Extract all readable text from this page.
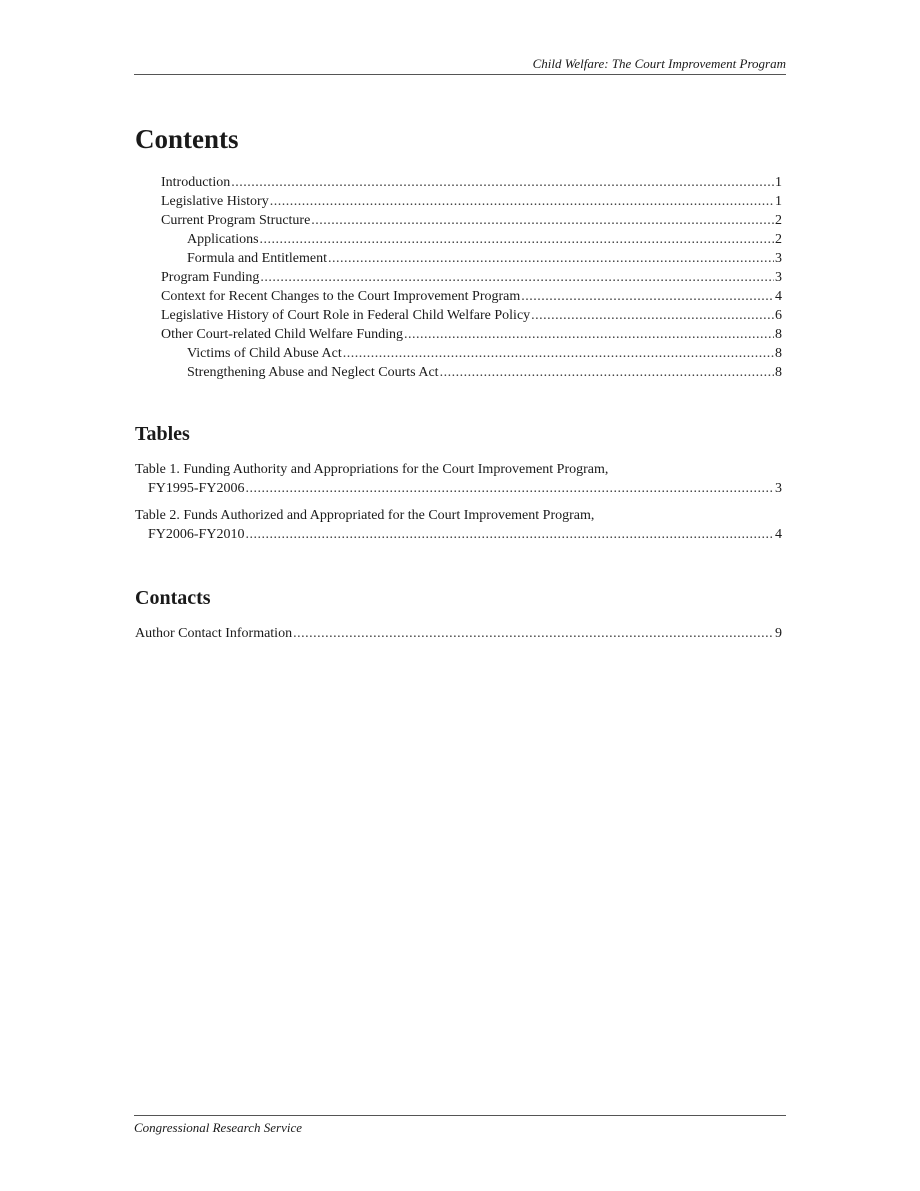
Child Welfare: The Court Improvement Program
Contents
Introduction .....	1
Legislative History .....	1
Current Program Structure .....	2
Applications .....	2
Formula and Entitlement .....	3
Program Funding .....	3
Context for Recent Changes to the Court Improvement Program .....	4
Legislative History of Court Role in Federal Child Welfare Policy .....	6
Other Court-related Child Welfare Funding .....	8
Victims of Child Abuse Act .....	8
Strengthening Abuse and Neglect Courts Act .....	8
Tables
Table 1. Funding Authority and Appropriations for the Court Improvement Program,
FY1995-FY2006 .....	3
Table 2. Funds Authorized and Appropriated for the Court Improvement Program,
FY2006-FY2010 .....	4
Contacts
Author Contact Information .....	9
Congressional Research Service
